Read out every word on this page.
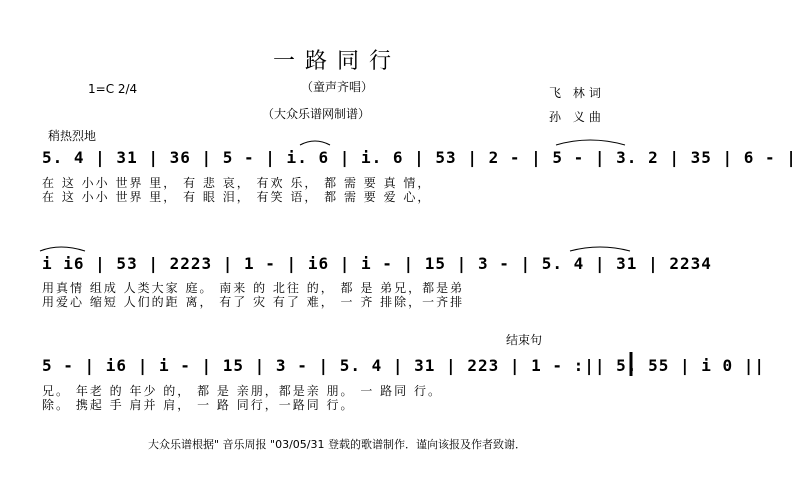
一路同行
（童声齐唱）
1=C 2/4	飞 林词
孙 义曲
（大众乐谱网制谱）
稍热烈地
5. 4 | 31 | 36 | 5 - | i. 6 | i. 6 | 53 | 2 - | 5 - | 3. 2 | 35 | 6 - |
在 这 小小 世界 里， 有 悲 哀， 有欢 乐， 都 需 要 真 情，
在 这 小小 世界 里， 有 眼 泪， 有笑 语， 都 需 要 爱 心，
i i6 | 53 | 2223 | 1 - | i6 | i - | 15 | 3 - | 5. 4 | 31 | 2234
用真情 组成 人类大家 庭。 南来 的 北往 的， 都 是 弟兄，都是弟
用爱心 缩短 人们的距 离， 有了 灾 有了 难， 一 齐 排除，一齐排
结束句
5 - | i6 | i - | 15 | 3 - | 5. 4 | 31 | 223 | 1 - :|| 5. 55 | i 0 ||
兄。 年老 的 年少 的， 都 是 亲朋，都是亲 朋。 一 路同 行。
除。 携起 手 肩并 肩， 一 路 同行，一路同 行。
大众乐谱根据" 音乐周报 "03/05/31 登载的歌谱制作．谨向该报及作者致谢．
